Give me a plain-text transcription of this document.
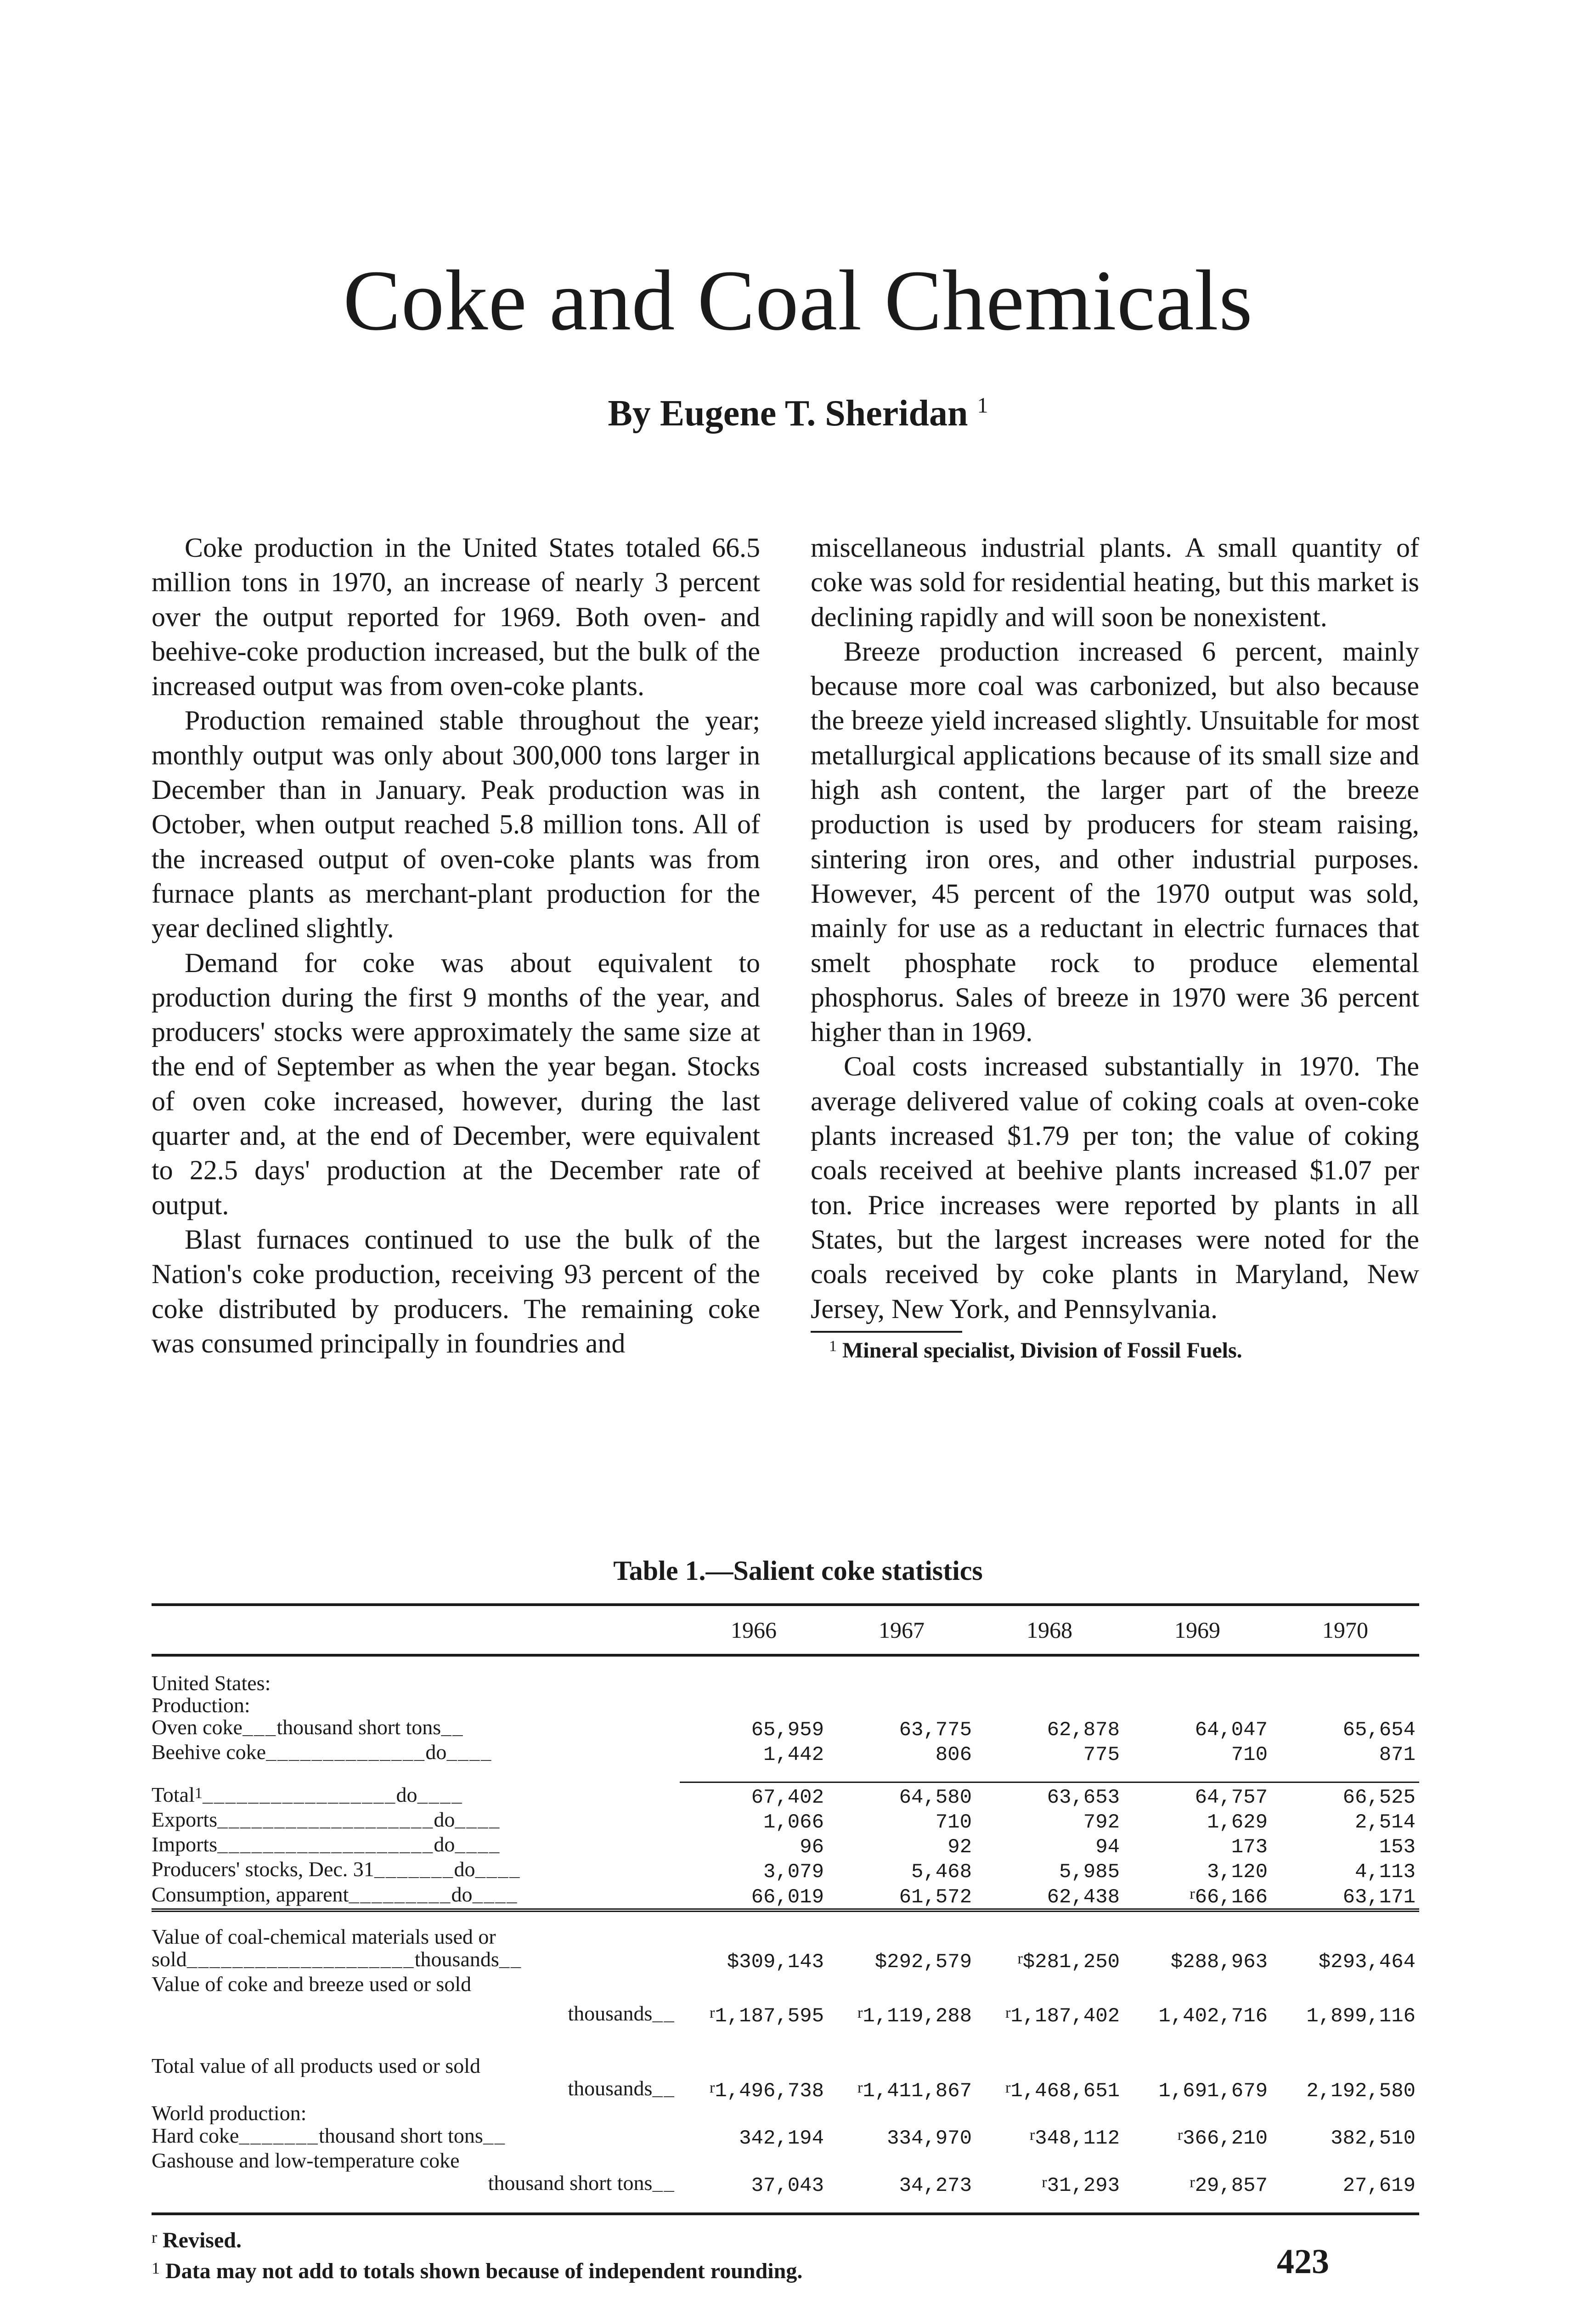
Coke and Coal Chemicals

By Eugene T. Sheridan $^1$

Coke production in the United States totaled 66.5 million tons in 1970, an increase of nearly 3 percent over the output reported for 1969. Both oven- and beehive-coke production increased, but the bulk of the increased output was from oven-coke plants.

Production remained stable throughout the year; monthly output was only about 300,000 tons larger in December than in January. Peak production was in October, when output reached 5.8 million tons. All of the increased output of oven-coke plants was from furnace plants as merchant-plant production for the year declined slightly.

Demand for coke was about equivalent to production during the first 9 months of the year, and producers' stocks were approximately the same size at the end of September as when the year began. Stocks of oven coke increased, however, during the last quarter and, at the end of December, were equivalent to 22.5 days' production at the December rate of output.

Blast furnaces continued to use the bulk of the Nation's coke production, receiving 93 percent of the coke distributed by producers. The remaining coke was consumed principally in foundries and

miscellaneous industrial plants. A small quantity of coke was sold for residential heating, but this market is declining rapidly and will soon be nonexistent.

Breeze production increased 6 percent, mainly because more coal was carbonized, but also because the breeze yield increased slightly. Unsuitable for most metallurgical applications because of its small size and high ash content, the larger part of the breeze production is used by producers for steam raising, sintering iron ores, and other industrial purposes. However, 45 percent of the 1970 output was sold, mainly for use as a reductant in electric furnaces that smelt phosphate rock to produce elemental phosphorus. Sales of breeze in 1970 were 36 percent higher than in 1969.

Coal costs increased substantially in 1970. The average delivered value of coking coals at oven-coke plants increased $1.79 per ton; the value of coking coals received at beehive plants increased $1.07 per ton. Price increases were reported by plants in all States, but the largest increases were noted for the coals received by coke plants in Maryland, New Jersey, New York, and Pennsylvania.

$^1$ Mineral specialist, Division of Fossil Fuels.

Table 1.—Salient coke statistics

	1966	1967	1968	1969	1970

United States:					
Production:					
Oven coke___thousand short tons__	65,959	63,775	62,878	64,047	65,654
Beehive coke______________do____	1,442	806	775	710	871

Total$^1$_________________do____	67,402	64,580	63,653	64,757	66,525
Exports___________________do____	1,066	710	792	1,629	2,514
Imports___________________do____	96	92	94	173	153
Producers' stocks, Dec. 31_______do____	3,079	5,468	5,985	3,120	4,113
Consumption, apparent_________do____	66,019	61,572	62,438	r66,166	63,171

Value of coal-chemical materials used or					
sold____________________thousands__	$309,143	$292,579	r$281,250	$288,963	$293,464
Value of coke and breeze used or sold					

thousands__	r1,187,595	r1,119,288	r1,187,402	1,402,716	1,899,116

Total value of all products used or sold					

thousands__	r1,496,738	r1,411,867	r1,468,651	1,691,679	2,192,580
World production:					
Hard coke_______thousand short tons__	342,194	334,970	r348,112	r366,210	382,510
Gashouse and low-temperature coke					

thousand short tons__	37,043	34,273	r31,293	r29,857	27,619

$^r$ Revised.
$^1$ Data may not add to totals shown because of independent rounding.	423
